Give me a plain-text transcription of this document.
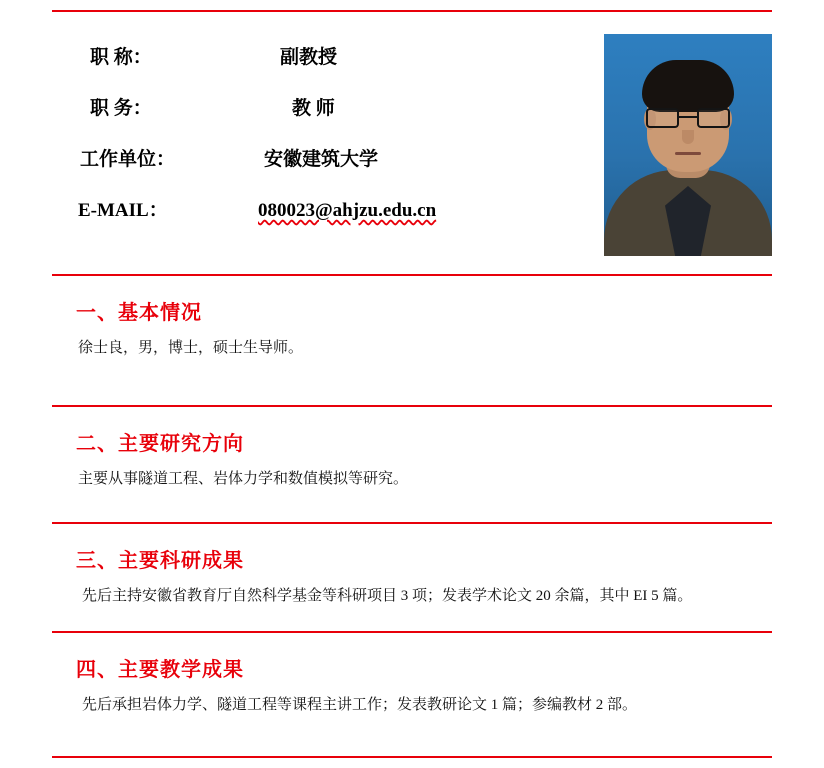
职 称：	副教授
职 务：	教 师
工作单位：	安徽建筑大学
E-MAIL：	080023@ahjzu.edu.cn
一、基本情况
徐士良，男，博士，硕士生导师。
二、主要研究方向
主要从事隧道工程、岩体力学和数值模拟等研究。
三、主要科研成果
先后主持安徽省教育厅自然科学基金等科研项目 3 项；发表学术论文 20 余篇，其中 EI 5 篇。
四、主要教学成果
先后承担岩体力学、隧道工程等课程主讲工作；发表教研论文 1 篇；参编教材 2 部。
